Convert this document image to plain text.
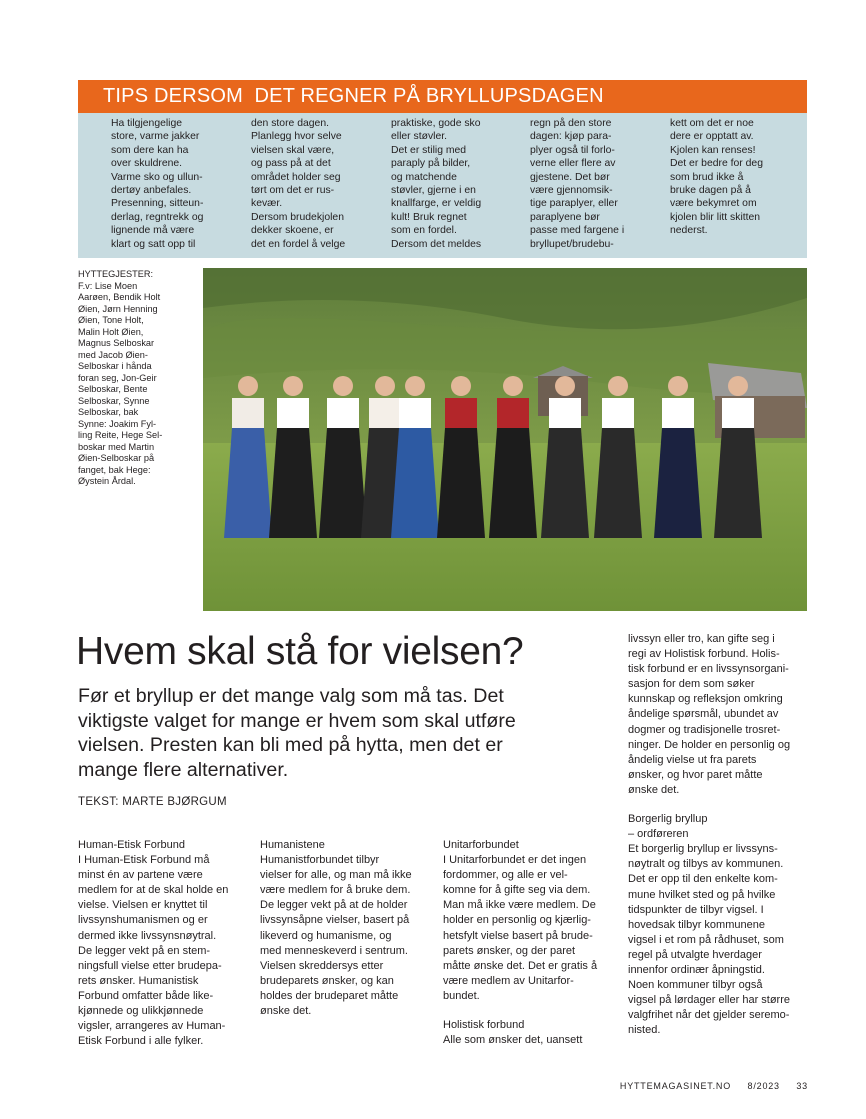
TIPS DERSOM  DET REGNER PÅ BRYLLUPSDAGEN
Ha tilgjengelige
store, varme jakker
som dere kan ha
over skuldrene.
Varme sko og ullun-
dertøy anbefales.
Presenning, sitteun-
derlag, regntrekk og
lignende må være
klart og satt opp til
den store dagen.
Planlegg hvor selve
vielsen skal være,
og pass på at det
området holder seg
tørt om det er rus-
kevær.
Dersom brudekjolen
dekker skoene, er
det en fordel å velge
praktiske, gode sko
eller støvler.
Det er stilig med
paraply på bilder,
og matchende
støvler, gjerne i en
knallfarge, er veldig
kult! Bruk regnet
som en fordel.
Dersom det meldes
regn på den store
dagen: kjøp para-
plyer også til forlo-
verne eller flere av
gjestene. Det bør
være gjennomsik-
tige paraplyer, eller
paraplyene bør
passe med fargene i
bryllupet/brudebu-
kett om det er noe
dere er opptatt av.
Kjolen kan renses!
Det er bedre for deg
som brud ikke å
bruke dagen på å
være bekymret om
kjolen blir litt skitten
nederst.
HYTTEGJESTER:
F.v: Lise Moen
Aarøen, Bendik Holt
Øien, Jørn Henning
Øien, Tone Holt,
Malin Holt Øien,
Magnus Selboskar
med Jacob Øien-
Selboskar i hånda
foran seg, Jon-Geir
Selboskar, Bente
Selboskar, Synne
Selboskar, bak
Synne: Joakim Fyl-
ling Reite, Hege Sel-
boskar med Martin
Øien-Selboskar på
fanget, bak Hege:
Øystein Årdal.
Hvem skal stå for vielsen?
Før et bryllup er det mange valg som må tas. Det
viktigste valget for mange er hvem som skal utføre
vielsen. Presten kan bli med på hytta, men det er
mange flere alternativer.
TEKST: MARTE BJØRGUM
Human-Etisk Forbund
I Human-Etisk Forbund må
minst én av partene være
medlem for at de skal holde en
vielse. Vielsen er knyttet til
livssynshumanismen og er
dermed ikke livssynsnøytral.
De legger vekt på en stem-
ningsfull vielse etter brudepa-
rets ønsker. Humanistisk
Forbund omfatter både like-
kjønnede og ulikkjønnede
vigsler, arrangeres av Human-
Etisk Forbund i alle fylker.
Humanistene
Humanistforbundet tilbyr
vielser for alle, og man må ikke
være medlem for å bruke dem.
De legger vekt på at de holder
livssynsåpne vielser, basert på
likeverd og humanisme, og
med menneskeverd i sentrum.
Vielsen skreddersys etter
brudeparets ønsker, og kan
holdes der brudeparet måtte
ønske det.
Unitarforbundet
I Unitarforbundet er det ingen
fordommer, og alle er vel-
komne for å gifte seg via dem.
Man må ikke være medlem. De
holder en personlig og kjærlig-
hetsfylt vielse basert på brude-
parets ønsker, og der paret
måtte ønske det. Det er gratis å
være medlem av Unitarfor-
bundet.
Holistisk forbund
Alle som ønsker det, uansett
livssyn eller tro, kan gifte seg i
regi av Holistisk forbund. Holis-
tisk forbund er en livssynsorgani-
sasjon for dem som søker
kunnskap og refleksjon omkring
åndelige spørsmål, ubundet av
dogmer og tradisjonelle trosret-
ninger. De holder en personlig og
åndelig vielse ut fra parets
ønsker, og hvor paret måtte
ønske det.
Borgerlig bryllup
– ordføreren
Et borgerlig bryllup er livssyns-
nøytralt og tilbys av kommunen.
Det er opp til den enkelte kom-
mune hvilket sted og på hvilke
tidspunkter de tilbyr vigsel. I
hovedsak tilbyr kommunene
vigsel i et rom på rådhuset, som
regel på utvalgte hverdager
innenfor ordinær åpningstid.
Noen kommuner tilbyr også
vigsel på lørdager eller har større
valgfrihet når det gjelder seremo-
nisted.

HYTTEMAGASINET.NO 8/2023 33
